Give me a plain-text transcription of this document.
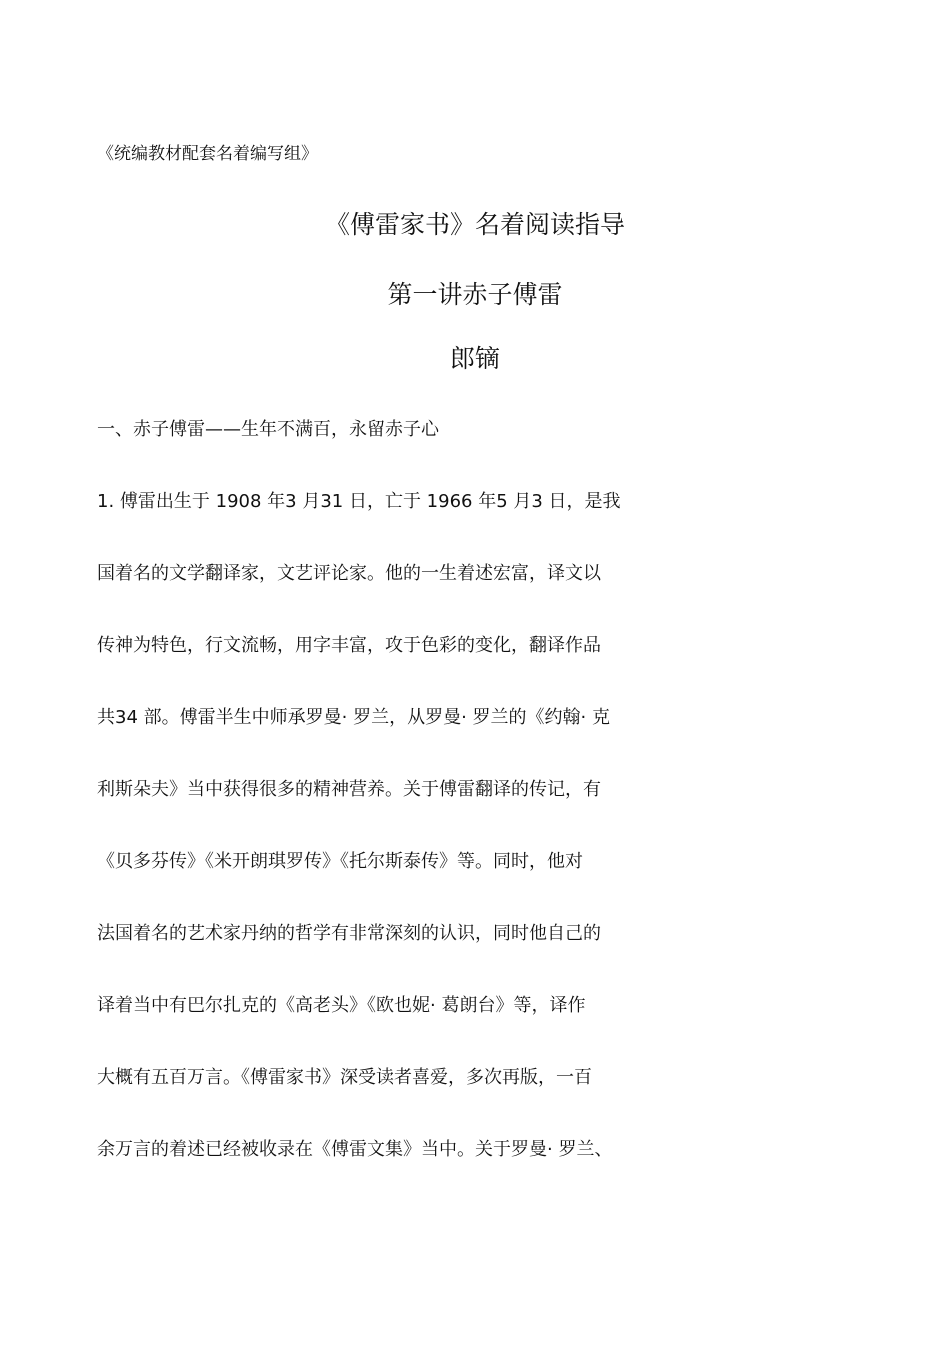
《统编教材配套名着编写组》
《傅雷家书》名着阅读指导
第一讲赤子傅雷
郎镝
一、赤子傅雷——生年不满百，永留赤子心
1. 傅雷出生于 1908 年3 月31 日，亡于 1966 年5 月3 日，是我
国着名的文学翻译家，文艺评论家。他的一生着述宏富，译文以
传神为特色，行文流畅，用字丰富，攻于色彩的变化，翻译作品
共34 部。傅雷半生中师承罗曼· 罗兰，从罗曼· 罗兰的《约翰· 克
利斯朵夫》当中获得很多的精神营养。关于傅雷翻译的传记，有
《贝多芬传》《米开朗琪罗传》《托尔斯泰传》等。同时，他对
法国着名的艺术家丹纳的哲学有非常深刻的认识，同时他自己的
译着当中有巴尔扎克的《高老头》《欧也妮· 葛朗台》等，译作
大概有五百万言。《傅雷家书》深受读者喜爱，多次再版，一百
余万言的着述已经被收录在《傅雷文集》当中。关于罗曼· 罗兰、
